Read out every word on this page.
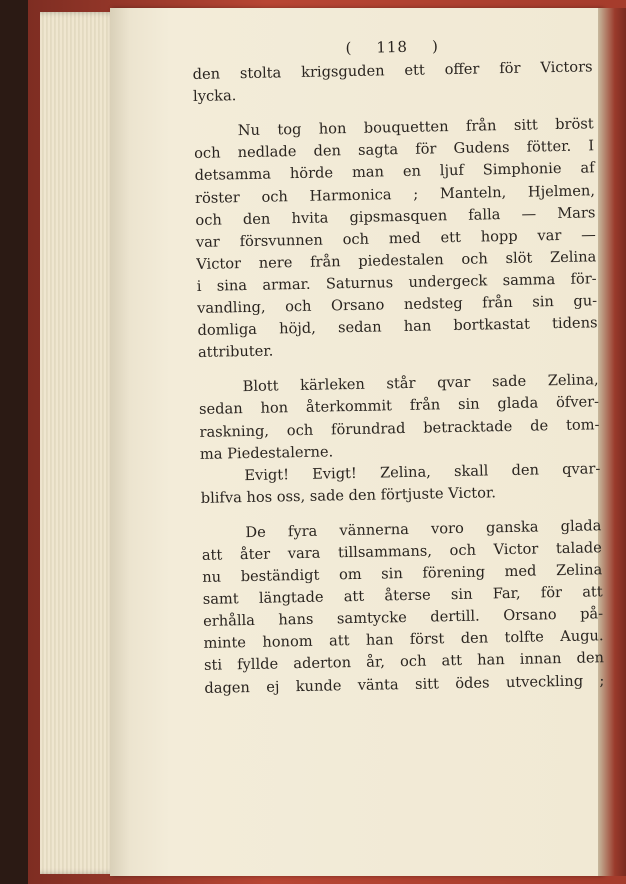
( 118 )
den stolta krigsguden ett offer för Victors
lycka.
Nu tog hon bouquetten från sitt bröst
och nedlade den sagta för Gudens fötter. I
detsamma hörde man en ljuf Simphonie af
röster och Harmonica ; Manteln, Hjelmen,
och den hvita gipsmasquen falla — Mars
var försvunnen och med ett hopp var —
Victor nere från piedestalen och slöt Zelina
i sina armar. Saturnus undergeck samma för-
vandling, och Orsano nedsteg från sin gu-
domliga höjd, sedan han bortkastat tidens
attributer.
Blott kärleken står qvar sade Zelina,
sedan hon återkommit från sin glada öfver-
raskning, och förundrad betracktade de tom-
ma Piedestalerne.
Evigt! Evigt! Zelina, skall den qvar-
blifva hos oss, sade den förtjuste Victor.
De fyra vännerna voro ganska glada
att åter vara tillsammans, och Victor talade
nu beständigt om sin förening med Zelina
samt längtade att återse sin Far, för att
erhålla hans samtycke dertill. Orsano på-
minte honom att han först den tolfte Augu.
sti fyllde aderton år, och att han innan den
dagen ej kunde vänta sitt ödes utveckling ;
